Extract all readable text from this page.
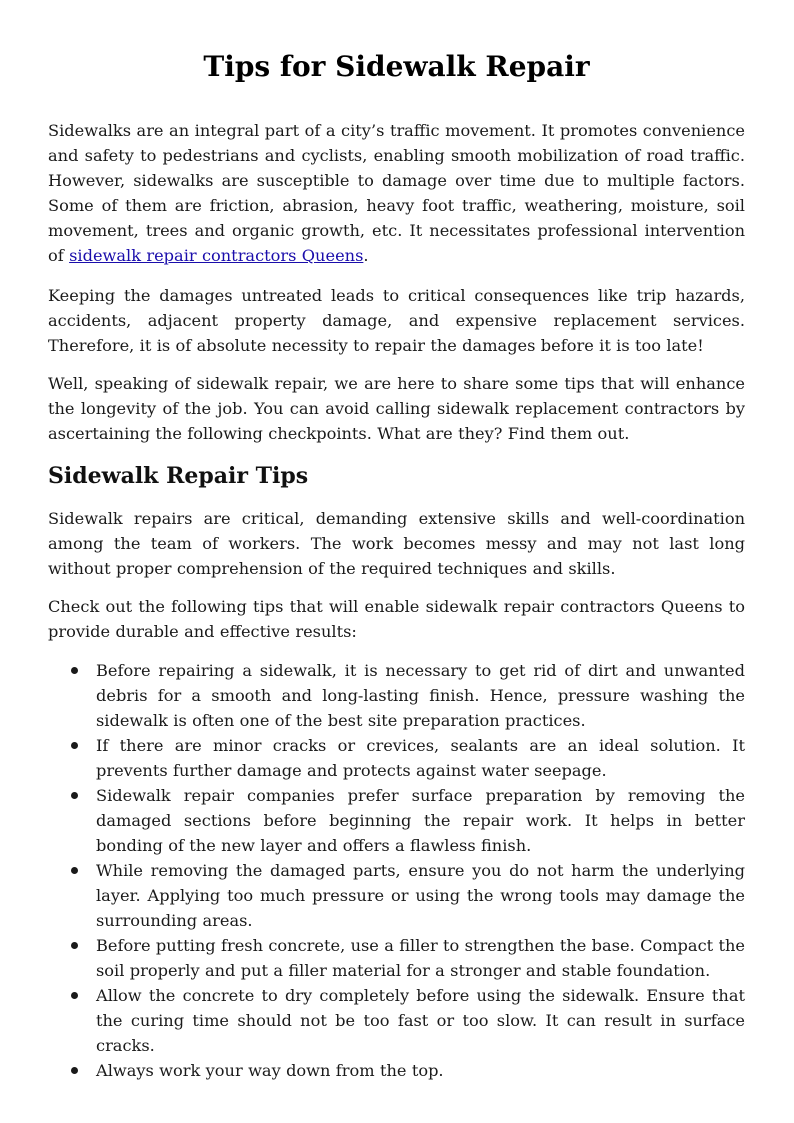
Tips for Sidewalk Repair

Sidewalks are an integral part of a city’s traffic movement. It promotes convenience and safety to pedestrians and cyclists, enabling smooth mobilization of road traffic. However, sidewalks are susceptible to damage over time due to multiple factors. Some of them are friction, abrasion, heavy foot traffic, weathering, moisture, soil movement, trees and organic growth, etc. It necessitates professional intervention of sidewalk repair contractors Queens.

Keeping the damages untreated leads to critical consequences like trip hazards, accidents, adjacent property damage, and expensive replacement services. Therefore, it is of absolute necessity to repair the damages before it is too late!

Well, speaking of sidewalk repair, we are here to share some tips that will enhance the longevity of the job. You can avoid calling sidewalk replacement contractors by ascertaining the following checkpoints. What are they? Find them out.

Sidewalk Repair Tips

Sidewalk repairs are critical, demanding extensive skills and well-coordination among the team of workers. The work becomes messy and may not last long without proper comprehension of the required techniques and skills.

Check out the following tips that will enable sidewalk repair contractors Queens to provide durable and effective results:

Before repairing a sidewalk, it is necessary to get rid of dirt and unwanted debris for a smooth and long-lasting finish. Hence, pressure washing the sidewalk is often one of the best site preparation practices.
If there are minor cracks or crevices, sealants are an ideal solution. It prevents further damage and protects against water seepage.
Sidewalk repair companies prefer surface preparation by removing the damaged sections before beginning the repair work. It helps in better bonding of the new layer and offers a flawless finish.
While removing the damaged parts, ensure you do not harm the underlying layer. Applying too much pressure or using the wrong tools may damage the surrounding areas.
Before putting fresh concrete, use a filler to strengthen the base. Compact the soil properly and put a filler material for a stronger and stable foundation.
Allow the concrete to dry completely before using the sidewalk. Ensure that the curing time should not be too fast or too slow. It can result in surface cracks.
Always work your way down from the top.
